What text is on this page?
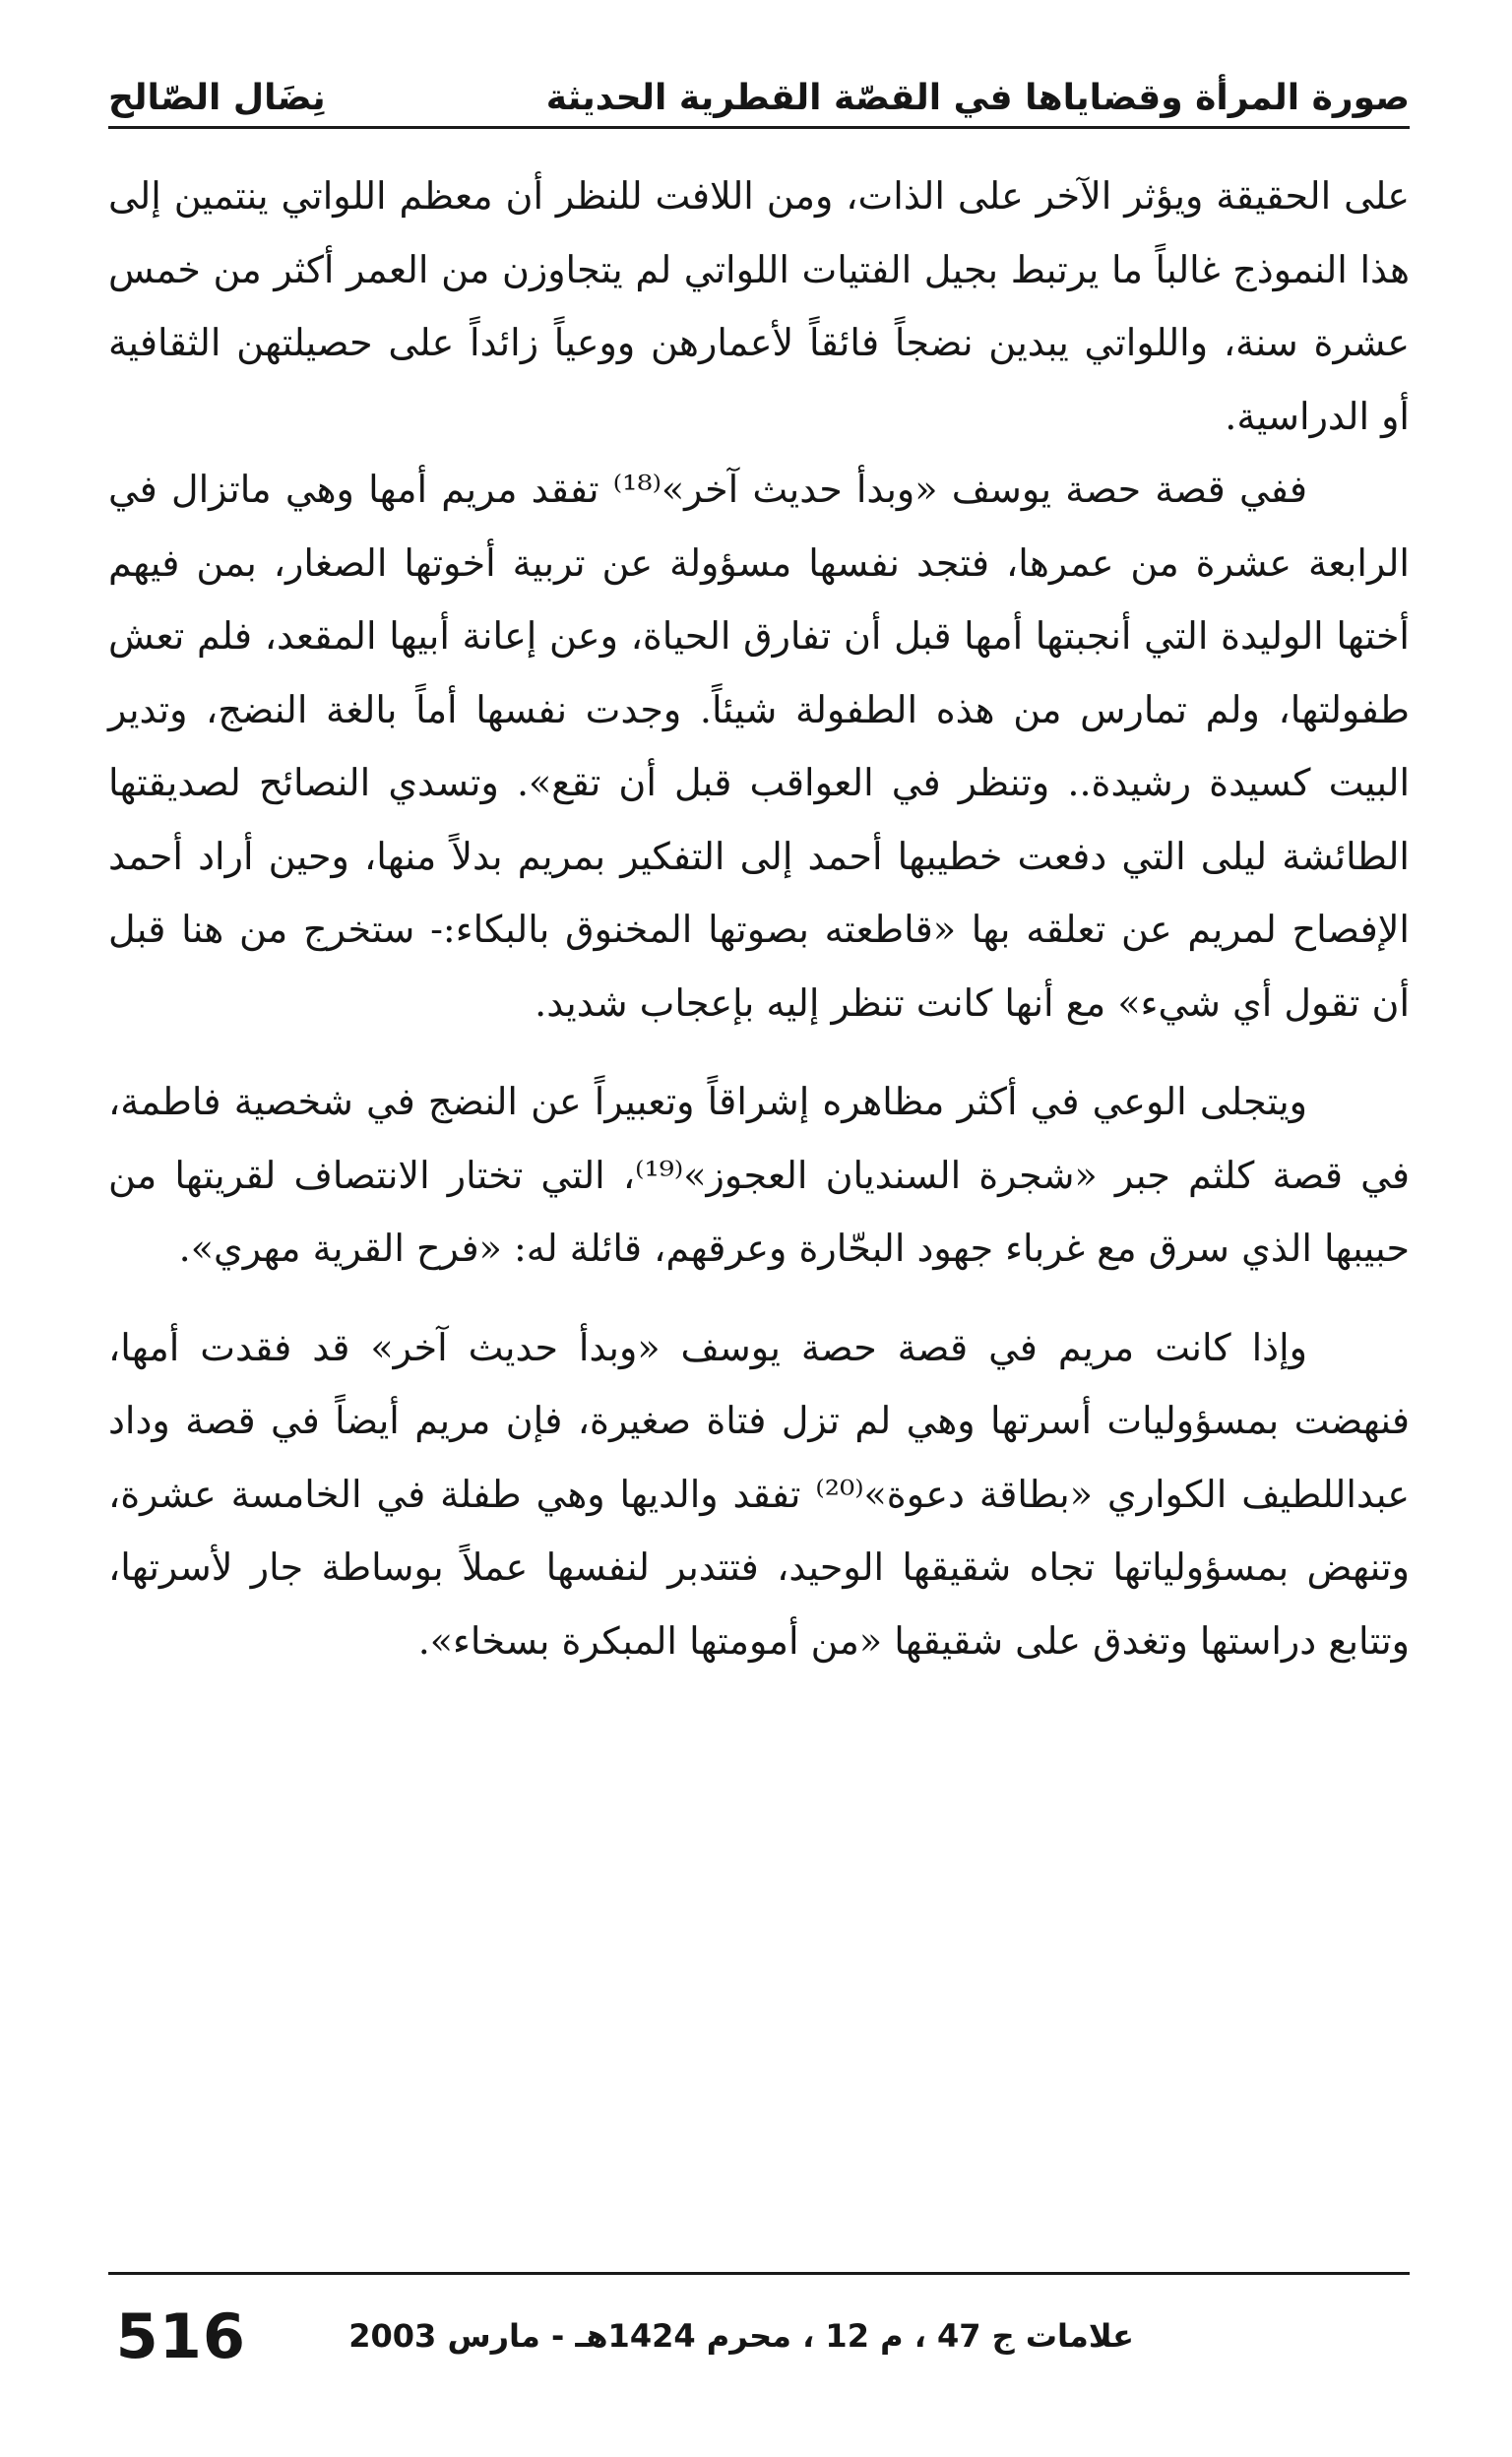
صورة المرأة وقضاياها في القصّة القطرية الحديثة
نِضَال الصّالح

على الحقيقة ويؤثر الآخر على الذات، ومن اللافت للنظر أن معظم اللواتي ينتمين إلى هذا النموذج غالباً ما يرتبط بجيل الفتيات اللواتي لم يتجاوزن من العمر أكثر من خمس عشرة سنة، واللواتي يبدين نضجاً فائقاً لأعمارهن ووعياً زائداً على حصيلتهن الثقافية أو الدراسية.

ففي قصة حصة يوسف «وبدأ حديث آخر»⁽¹⁸⁾ تفقد مريم أمها وهي ماتزال في الرابعة عشرة من عمرها، فتجد نفسها مسؤولة عن تربية أخوتها الصغار، بمن فيهم أختها الوليدة التي أنجبتها أمها قبل أن تفارق الحياة، وعن إعانة أبيها المقعد، فلم تعش طفولتها، ولم تمارس من هذه الطفولة شيئاً. وجدت نفسها أماً بالغة النضج، وتدير البيت كسيدة رشيدة.. وتنظر في العواقب قبل أن تقع». وتسدي النصائح لصديقتها الطائشة ليلى التي دفعت خطيبها أحمد إلى التفكير بمريم بدلاً منها، وحين أراد أحمد الإفصاح لمريم عن تعلقه بها «قاطعته بصوتها المخنوق بالبكاء:- ستخرج من هنا قبل أن تقول أي شيء» مع أنها كانت تنظر إليه بإعجاب شديد.

ويتجلى الوعي في أكثر مظاهره إشراقاً وتعبيراً عن النضج في شخصية فاطمة، في قصة كلثم جبر «شجرة السنديان العجوز»⁽¹⁹⁾، التي تختار الانتصاف لقريتها من حبيبها الذي سرق مع غرباء جهود البحّارة وعرقهم، قائلة له: «فرح القرية مهري».

وإذا كانت مريم في قصة حصة يوسف «وبدأ حديث آخر» قد فقدت أمها، فنهضت بمسؤوليات أسرتها وهي لم تزل فتاة صغيرة، فإن مريم أيضاً في قصة وداد عبداللطيف الكواري «بطاقة دعوة»⁽²⁰⁾ تفقد والديها وهي طفلة في الخامسة عشرة، وتنهض بمسؤولياتها تجاه شقيقها الوحيد، فتتدبر لنفسها عملاً بوساطة جار لأسرتها، وتتابع دراستها وتغدق على شقيقها «من أمومتها المبكرة بسخاء».

علامات ج 47 ، م 12 ، محرم 1424هـ - مارس 2003
516
